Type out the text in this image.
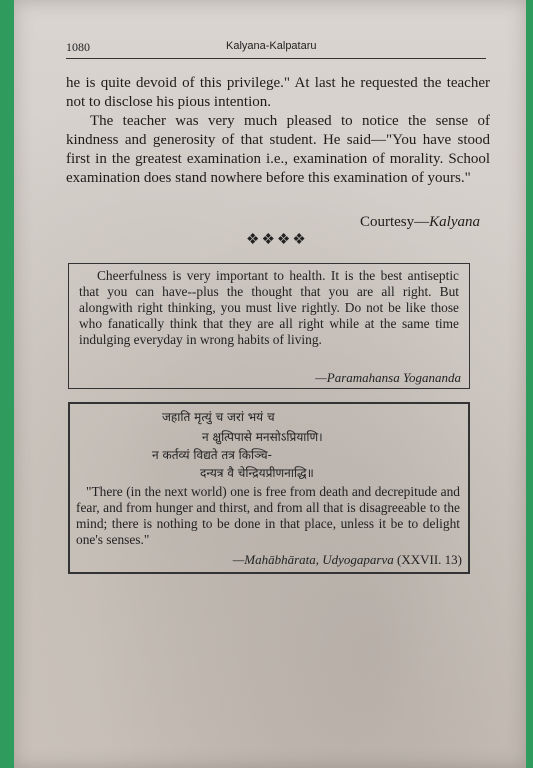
1080	Kalyana-Kalpataru

he is quite devoid of this privilege." At last he requested the teacher not to disclose his pious intention.

The teacher was very much pleased to notice the sense of kindness and generosity of that student. He said—"You have stood first in the greatest examination i.e., examination of morality. School examination does stand nowhere before this examination of yours."

Courtesy—Kalyana
❖❖❖❖
Cheerfulness is very important to health. It is the best antiseptic that you can have--plus the thought that you are all right. But alongwith right thinking, you must live rightly. Do not be like those who fanatically think that they are all right while at the same time indulging everyday in wrong habits of living.
—Paramahansa Yogananda
जहाति मृत्युं च जरां भयं च
न क्षुत्पिपासे मनसोऽप्रियाणि।
न कर्तव्यं विद्यते तत्र किञ्चि-
दन्यत्र वै चेन्द्रियप्रीणनाद्धि॥
"There (in the next world) one is free from death and decrepitude and fear, and from hunger and thirst, and from all that is disagreeable to the mind; there is nothing to be done in that place, unless it be to delight one's senses."
—Mahābhārata, Udyogaparva (XXVII. 13)
